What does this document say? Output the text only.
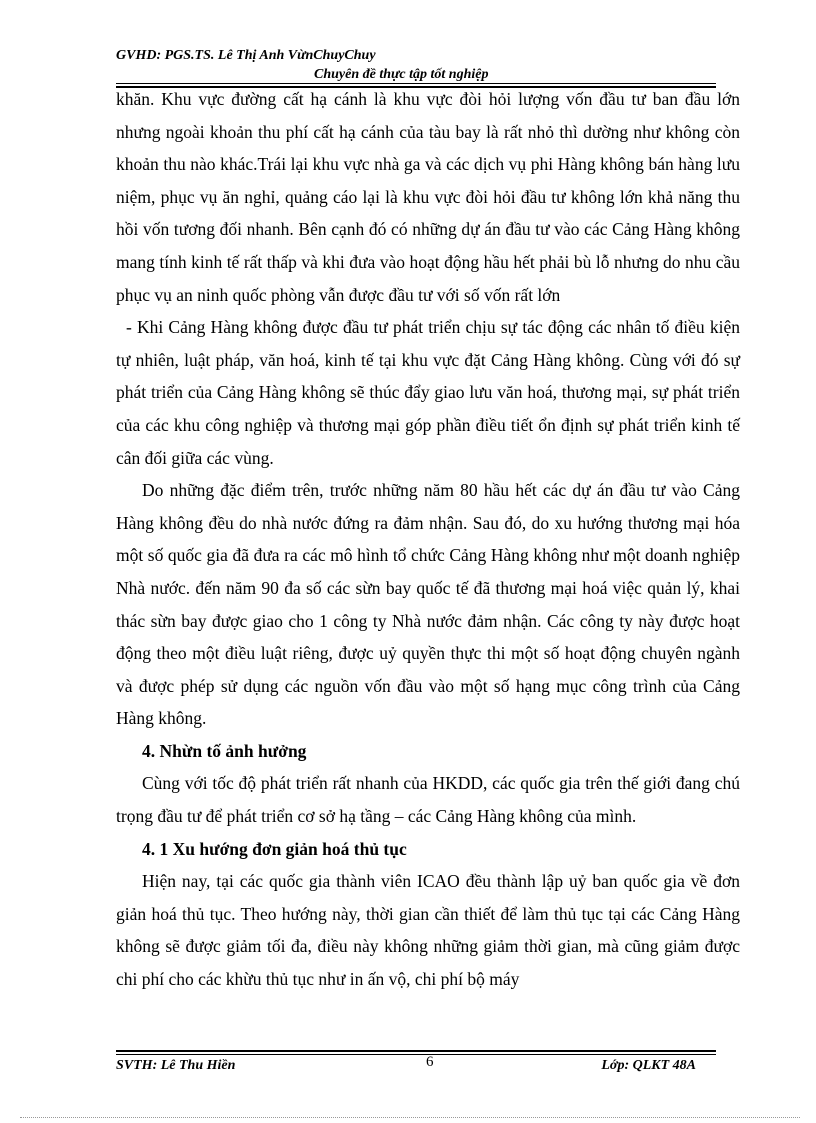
GVHD: PGS.TS. Lê Thị Anh VừnChuyChuy
Chuyên đề thực tập tốt nghiệp

khăn. Khu vực đường cất hạ cánh là khu vực đòi hỏi lượng vốn đầu tư ban đầu lớn nhưng ngoài khoản thu phí cất hạ cánh của tàu bay là rất nhỏ thì dường như không còn khoản thu nào khác.Trái lại khu vực nhà ga và các dịch vụ phi Hàng không bán hàng lưu niệm, phục vụ ăn nghỉ, quảng cáo lại là khu vực đòi hỏi đầu tư không lớn khả năng thu hồi vốn tương đối nhanh. Bên cạnh đó có những dự án đầu tư vào các Cảng Hàng không mang tính kinh tế rất thấp và khi đưa vào hoạt động hầu hết phải bù lỗ nhưng do nhu cầu phục vụ an ninh quốc phòng vẫn được đầu tư với số vốn rất lớn

- Khi Cảng Hàng không được đầu tư phát triển chịu sự tác động các nhân tố điều kiện tự nhiên, luật pháp, văn hoá, kinh tế tại khu vực đặt Cảng Hàng không. Cùng với đó sự phát triển của Cảng Hàng không sẽ thúc đẩy giao lưu văn hoá, thương mại, sự phát triển của các khu công nghiệp và thương mại góp phần điều tiết ổn định sự phát triển kinh tế cân đối giữa các vùng.

Do những đặc điểm trên, trước những năm 80 hầu hết các dự án đầu tư vào Cảng Hàng không đều do nhà nước đứng ra đảm nhận. Sau đó, do xu hướng thương mại hóa một số quốc gia đã đưa ra các mô hình tổ chức Cảng Hàng không như một doanh nghiệp Nhà nước. đến năm 90 đa số các sừn bay quốc tế đã thương mại hoá việc quản lý, khai thác sừn bay được giao cho 1 công ty Nhà nước đảm nhận. Các công ty này được hoạt động theo một điều luật riêng, được uỷ quyền thực thi một số hoạt động chuyên ngành và được phép sử dụng các nguồn vốn đầu vào một số hạng mục công trình của Cảng Hàng không.

4. Nhừn tố ảnh hưởng

Cùng với tốc độ phát triển rất nhanh của HKDD, các quốc gia trên thế giới đang chú trọng đầu tư để phát triển cơ sở hạ tầng – các Cảng Hàng không của mình.

4. 1 Xu hướng đơn giản hoá thủ tục

Hiện nay, tại các quốc gia thành viên ICAO đều thành lập uỷ ban quốc gia về đơn giản hoá thủ tục. Theo hướng này, thời gian cần thiết để làm thủ tục tại các Cảng Hàng không sẽ được giảm tối đa, điều này không những giảm thời gian, mà cũng giảm được chi phí cho các khừu thủ tục như in ấn vộ, chi phí bộ máy

SVTH: Lê Thu Hiền	6	Lớp: QLKT 48A
